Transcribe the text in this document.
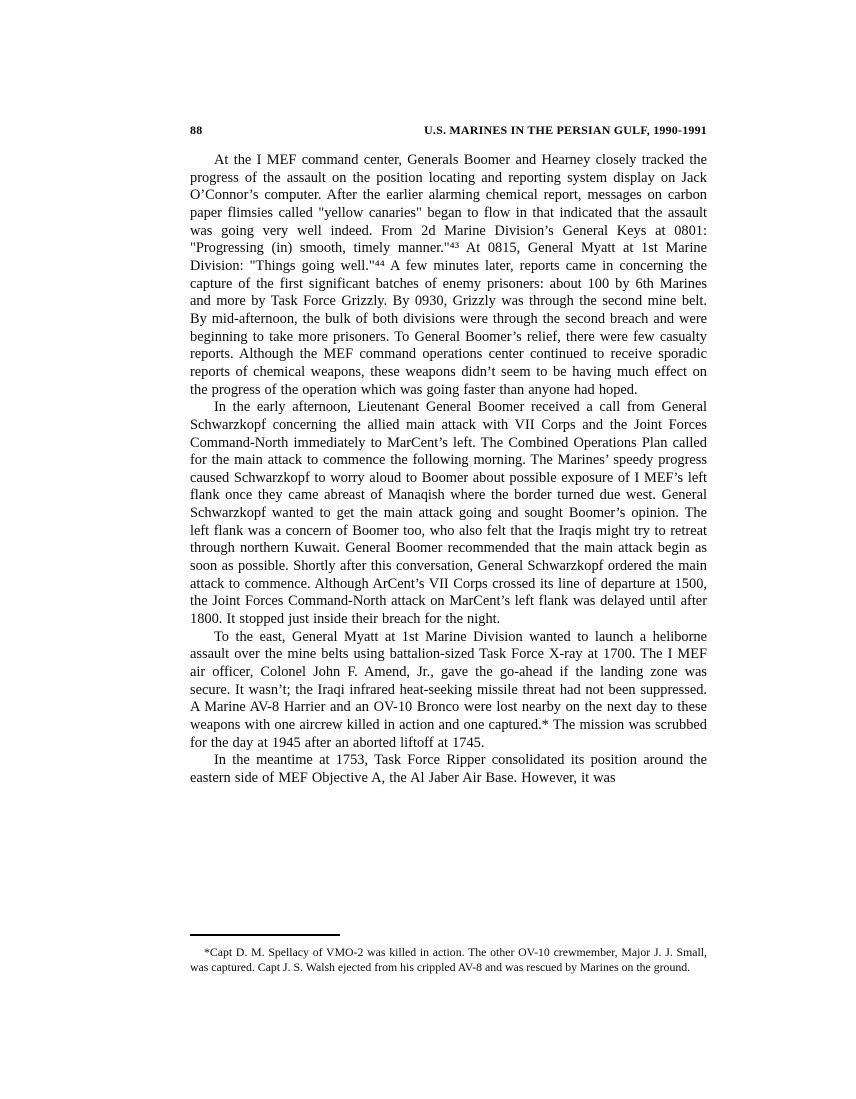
88	U.S. MARINES IN THE PERSIAN GULF, 1990-1991

At the I MEF command center, Generals Boomer and Hearney closely tracked the progress of the assault on the position locating and reporting system display on Jack O’Connor’s computer. After the earlier alarming chemical report, messages on carbon paper flimsies called "yellow canaries" began to flow in that indicated that the assault was going very well indeed. From 2d Marine Division’s General Keys at 0801: "Progressing (in) smooth, timely manner."⁴³ At 0815, General Myatt at 1st Marine Division: "Things going well."⁴⁴ A few minutes later, reports came in concerning the capture of the first significant batches of enemy prisoners: about 100 by 6th Marines and more by Task Force Grizzly. By 0930, Grizzly was through the second mine belt. By mid-afternoon, the bulk of both divisions were through the second breach and were beginning to take more prisoners. To General Boomer’s relief, there were few casualty reports. Although the MEF command operations center continued to receive sporadic reports of chemical weapons, these weapons didn’t seem to be having much effect on the progress of the operation which was going faster than anyone had hoped.

In the early afternoon, Lieutenant General Boomer received a call from General Schwarzkopf concerning the allied main attack with VII Corps and the Joint Forces Command-North immediately to MarCent’s left. The Combined Operations Plan called for the main attack to commence the following morning. The Marines’ speedy progress caused Schwarzkopf to worry aloud to Boomer about possible exposure of I MEF’s left flank once they came abreast of Manaqish where the border turned due west. General Schwarzkopf wanted to get the main attack going and sought Boomer’s opinion. The left flank was a concern of Boomer too, who also felt that the Iraqis might try to retreat through northern Kuwait. General Boomer recommended that the main attack begin as soon as possible. Shortly after this conversation, General Schwarzkopf ordered the main attack to commence. Although ArCent’s VII Corps crossed its line of departure at 1500, the Joint Forces Command-North attack on MarCent’s left flank was delayed until after 1800. It stopped just inside their breach for the night.

To the east, General Myatt at 1st Marine Division wanted to launch a heliborne assault over the mine belts using battalion-sized Task Force X-ray at 1700. The I MEF air officer, Colonel John F. Amend, Jr., gave the go-ahead if the landing zone was secure. It wasn’t; the Iraqi infrared heat-seeking missile threat had not been suppressed. A Marine AV-8 Harrier and an OV-10 Bronco were lost nearby on the next day to these weapons with one aircrew killed in action and one captured.* The mission was scrubbed for the day at 1945 after an aborted liftoff at 1745.

In the meantime at 1753, Task Force Ripper consolidated its position around the eastern side of MEF Objective A, the Al Jaber Air Base. However, it was

*Capt D. M. Spellacy of VMO-2 was killed in action. The other OV-10 crewmember, Major J. J. Small, was captured. Capt J. S. Walsh ejected from his crippled AV-8 and was rescued by Marines on the ground.
